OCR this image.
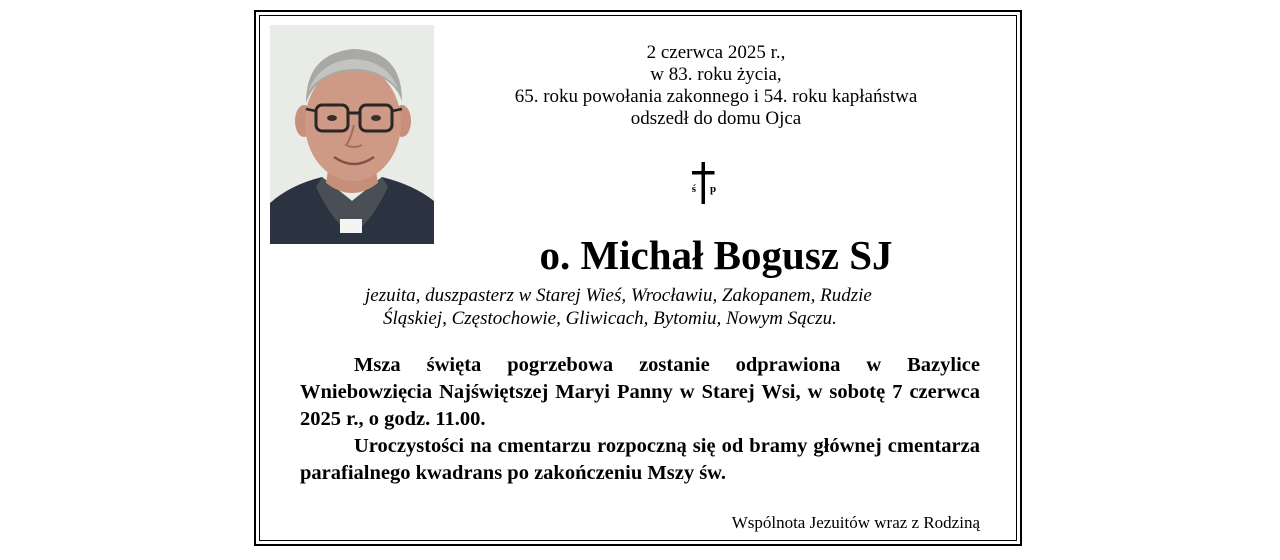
2 czerwca 2025 r.,
w 83. roku życia,
65. roku powołania zakonnego i 54. roku kapłaństwa
odszedł do domu Ojca
ś p
o. Michał Bogusz SJ
jezuita, duszpasterz w Starej Wieś, Wrocławiu, Zakopanem, Rudzie
Śląskiej, Częstochowie, Gliwicach, Bytomiu, Nowym Sączu.

Msza święta pogrzebowa zostanie odprawiona w Bazylice Wniebowzięcia Najświętszej Maryi Panny w Starej Wsi, w sobotę 7 czerwca 2025 r., o godz. 11.00.

Uroczystości na cmentarzu rozpoczną się od bramy głównej cmentarza parafialnego kwadrans po zakończeniu Mszy św.

Wspólnota Jezuitów wraz z Rodziną
